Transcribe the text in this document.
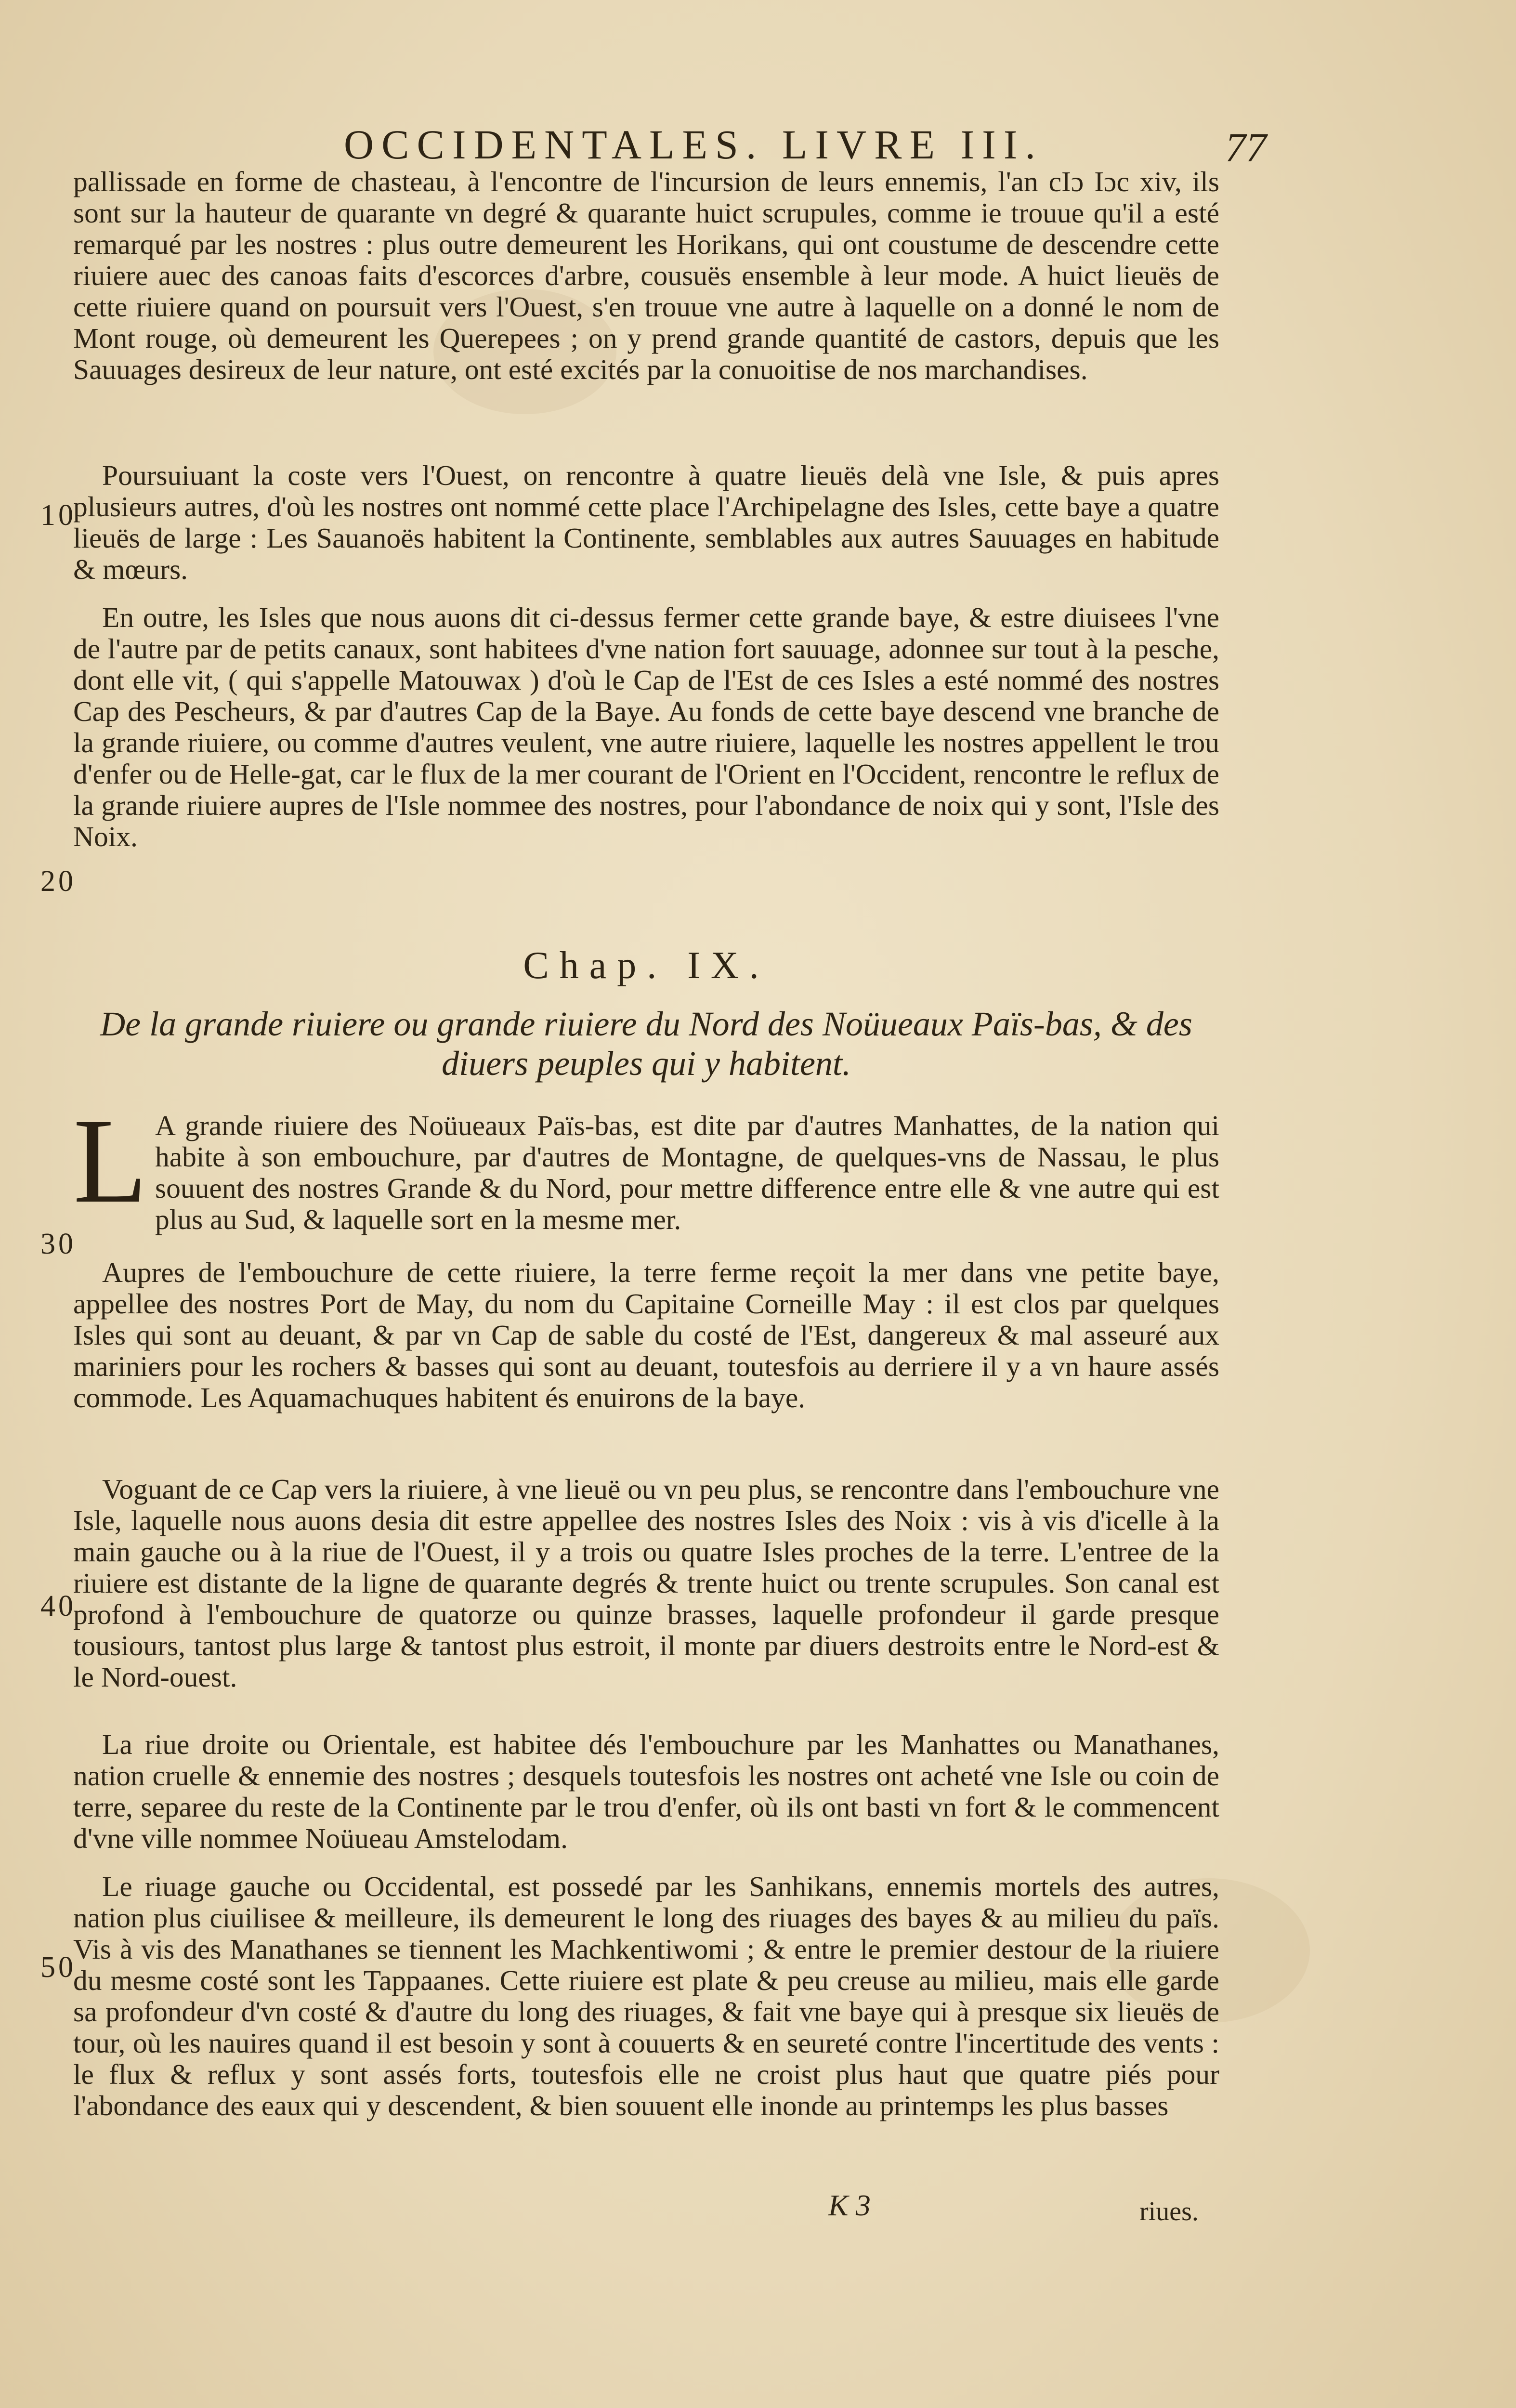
OCCIDENTALES. LIVRE III.	77
10
20
30
40
50
pallissade en forme de chasteau, à l'encontre de l'incursion de leurs ennemis, l'an cIɔ Iɔc xiv, ils sont sur la hauteur de quarante vn degré & quarante huict scrupules, comme ie trouue qu'il a esté remarqué par les nostres : plus outre demeurent les Horikans, qui ont coustume de descendre cette riuiere auec des canoas faits d'escorces d'arbre, cousuës ensemble à leur mode. A huict lieuës de cette riuiere quand on poursuit vers l'Ouest, s'en trouue vne autre à laquelle on a donné le nom de Mont rouge, où demeurent les Querepees ; on y prend grande quantité de castors, depuis que les Sauuages desireux de leur nature, ont esté excités par la conuoitise de nos marchandises.
Poursuiuant la coste vers l'Ouest, on rencontre à quatre lieuës delà vne Isle, & puis apres plusieurs autres, d'où les nostres ont nommé cette place l'Archipelagne des Isles, cette baye a quatre lieuës de large : Les Sauanoës habitent la Continente, semblables aux autres Sauuages en habitude & mœurs.
En outre, les Isles que nous auons dit ci-dessus fermer cette grande baye, & estre diuisees l'vne de l'autre par de petits canaux, sont habitees d'vne nation fort sauuage, adonnee sur tout à la pesche, dont elle vit, ( qui s'appelle Matouwax ) d'où le Cap de l'Est de ces Isles a esté nommé des nostres Cap des Pescheurs, & par d'autres Cap de la Baye. Au fonds de cette baye descend vne branche de la grande riuiere, ou comme d'autres veulent, vne autre riuiere, laquelle les nostres appellent le trou d'enfer ou de Helle-gat, car le flux de la mer courant de l'Orient en l'Occident, rencontre le reflux de la grande riuiere aupres de l'Isle nommee des nostres, pour l'abondance de noix qui y sont, l'Isle des Noix.
Chap. IX.
De la grande riuiere ou grande riuiere du Nord des Noüueaux Païs-bas, & des diuers peuples qui y habitent.
A grande riuiere des Noüueaux Païs-bas, est dite par d'autres Manhattes, de la nation qui habite à son embouchure, par d'autres de Montagne, de quelques-vns de Nassau, le plus souuent des nostres Grande & du Nord, pour mettre difference entre elle & vne autre qui est plus au Sud, & laquelle sort en la mesme mer.
L
Aupres de l'embouchure de cette riuiere, la terre ferme reçoit la mer dans vne petite baye, appellee des nostres Port de May, du nom du Capitaine Corneille May : il est clos par quelques Isles qui sont au deuant, & par vn Cap de sable du costé de l'Est, dangereux & mal asseuré aux mariniers pour les rochers & basses qui sont au deuant, toutesfois au derriere il y a vn haure assés commode. Les Aquamachuques habitent és enuirons de la baye.
Voguant de ce Cap vers la riuiere, à vne lieuë ou vn peu plus, se rencontre dans l'embouchure vne Isle, laquelle nous auons desia dit estre appellee des nostres Isles des Noix : vis à vis d'icelle à la main gauche ou à la riue de l'Ouest, il y a trois ou quatre Isles proches de la terre. L'entree de la riuiere est distante de la ligne de quarante degrés & trente huict ou trente scrupules. Son canal est profond à l'embouchure de quatorze ou quinze brasses, laquelle profondeur il garde presque tousiours, tantost plus large & tantost plus estroit, il monte par diuers destroits entre le Nord-est & le Nord-ouest.
La riue droite ou Orientale, est habitee dés l'embouchure par les Manhattes ou Manathanes, nation cruelle & ennemie des nostres ; desquels toutesfois les nostres ont acheté vne Isle ou coin de terre, separee du reste de la Continente par le trou d'enfer, où ils ont basti vn fort & le commencent d'vne ville nommee Noüueau Amstelodam.
Le riuage gauche ou Occidental, est possedé par les Sanhikans, ennemis mortels des autres, nation plus ciuilisee & meilleure, ils demeurent le long des riuages des bayes & au milieu du païs. Vis à vis des Manathanes se tiennent les Machkentiwomi ; & entre le premier destour de la riuiere du mesme costé sont les Tappaanes. Cette riuiere est plate & peu creuse au milieu, mais elle garde sa profondeur d'vn costé & d'autre du long des riuages, & fait vne baye qui à presque six lieuës de tour, où les nauires quand il est besoin y sont à couuerts & en seureté contre l'incertitude des vents : le flux & reflux y sont assés forts, toutesfois elle ne croist plus haut que quatre piés pour l'abondance des eaux qui y descendent, & bien souuent elle inonde au printemps les plus basses
K 3	riues.
